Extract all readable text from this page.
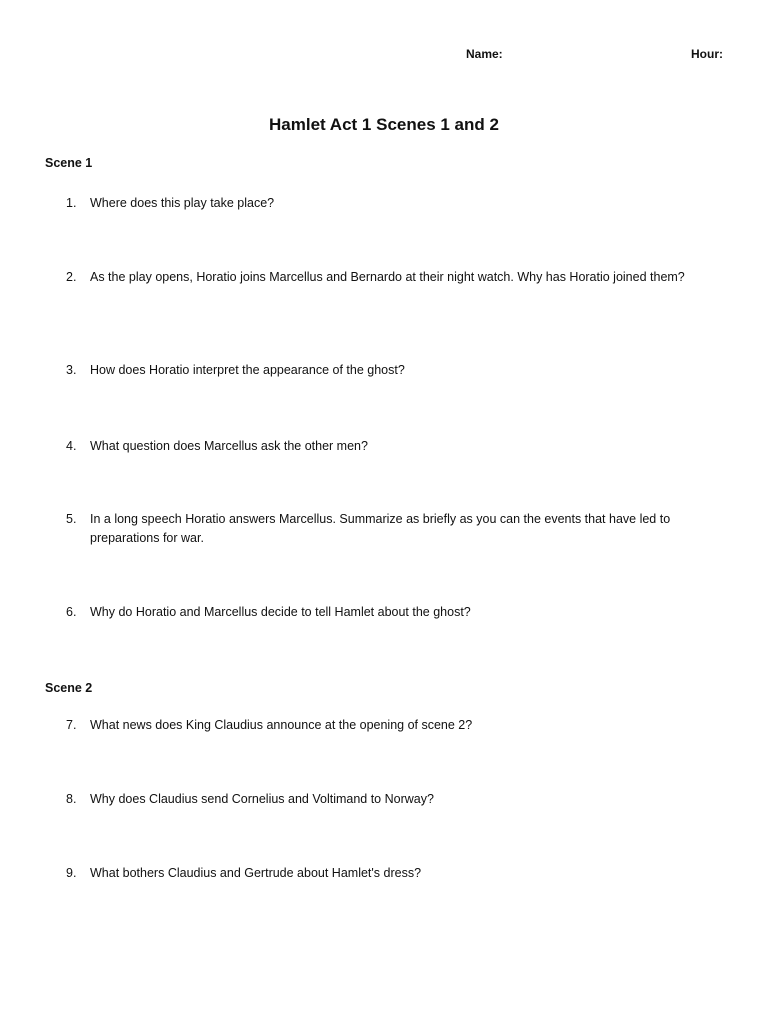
Name:	Hour:
Hamlet Act 1 Scenes 1 and 2
Scene 1
1.	Where does this play take place?
2.	As the play opens, Horatio joins Marcellus and Bernardo at their night watch. Why has Horatio joined them?
3.	How does Horatio interpret the appearance of the ghost?
4.	What question does Marcellus ask the other men?
5.	In a long speech Horatio answers Marcellus. Summarize as briefly as you can the events that have led to preparations for war.
6.	Why do Horatio and Marcellus decide to tell Hamlet about the ghost?
Scene 2
7.	What news does King Claudius announce at the opening of scene 2?
8.	Why does Claudius send Cornelius and Voltimand to Norway?
9.	What bothers Claudius and Gertrude about Hamlet's dress?
